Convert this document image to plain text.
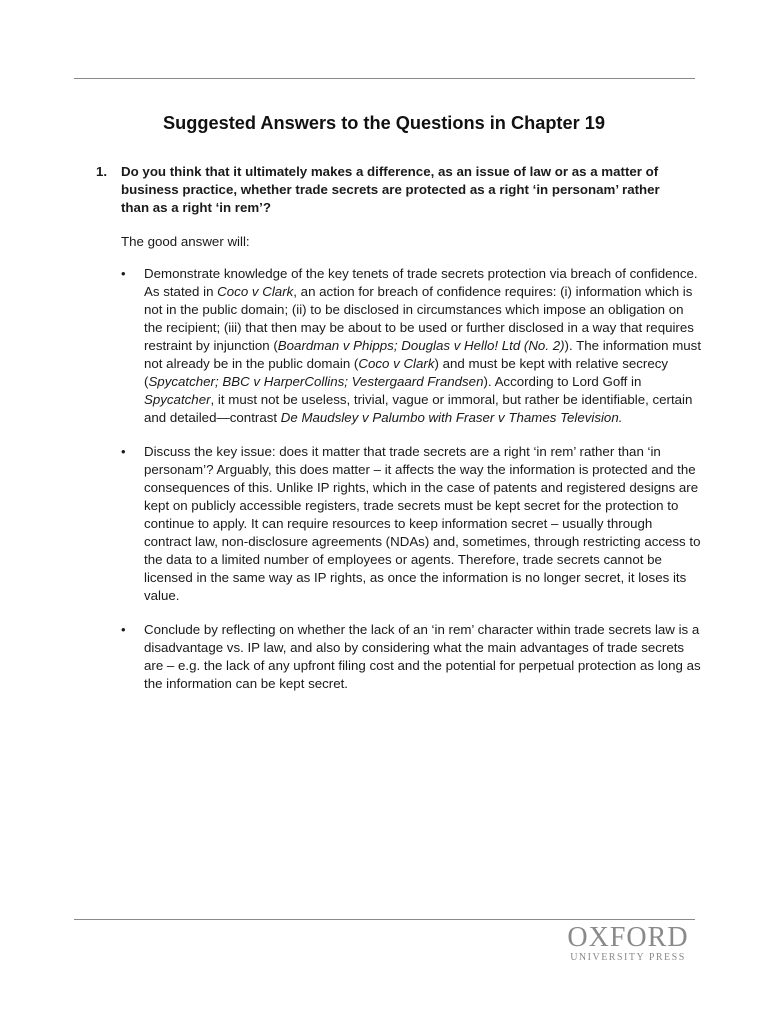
Suggested Answers to the Questions in Chapter 19
1. Do you think that it ultimately makes a difference, as an issue of law or as a matter of business practice, whether trade secrets are protected as a right ‘in personam’ rather than as a right ‘in rem’?
The good answer will:
• Demonstrate knowledge of the key tenets of trade secrets protection via breach of confidence. As stated in Coco v Clark, an action for breach of confidence requires: (i) information which is not in the public domain; (ii) to be disclosed in circumstances which impose an obligation on the recipient; (iii) that then may be about to be used or further disclosed in a way that requires restraint by injunction (Boardman v Phipps; Douglas v Hello! Ltd (No. 2)). The information must not already be in the public domain (Coco v Clark) and must be kept with relative secrecy (Spycatcher; BBC v HarperCollins; Vestergaard Frandsen). According to Lord Goff in Spycatcher, it must not be useless, trivial, vague or immoral, but rather be identifiable, certain and detailed—contrast De Maudsley v Palumbo with Fraser v Thames Television.
• Discuss the key issue: does it matter that trade secrets are a right ‘in rem’ rather than ‘in personam’? Arguably, this does matter – it affects the way the information is protected and the consequences of this. Unlike IP rights, which in the case of patents and registered designs are kept on publicly accessible registers, trade secrets must be kept secret for the protection to continue to apply. It can require resources to keep information secret – usually through contract law, non-disclosure agreements (NDAs) and, sometimes, through restricting access to the data to a limited number of employees or agents. Therefore, trade secrets cannot be licensed in the same way as IP rights, as once the information is no longer secret, it loses its value.
• Conclude by reflecting on whether the lack of an ‘in rem’ character within trade secrets law is a disadvantage vs. IP law, and also by considering what the main advantages of trade secrets are – e.g. the lack of any upfront filing cost and the potential for perpetual protection as long as the information can be kept secret.
OXFORD
UNIVERSITY PRESS
